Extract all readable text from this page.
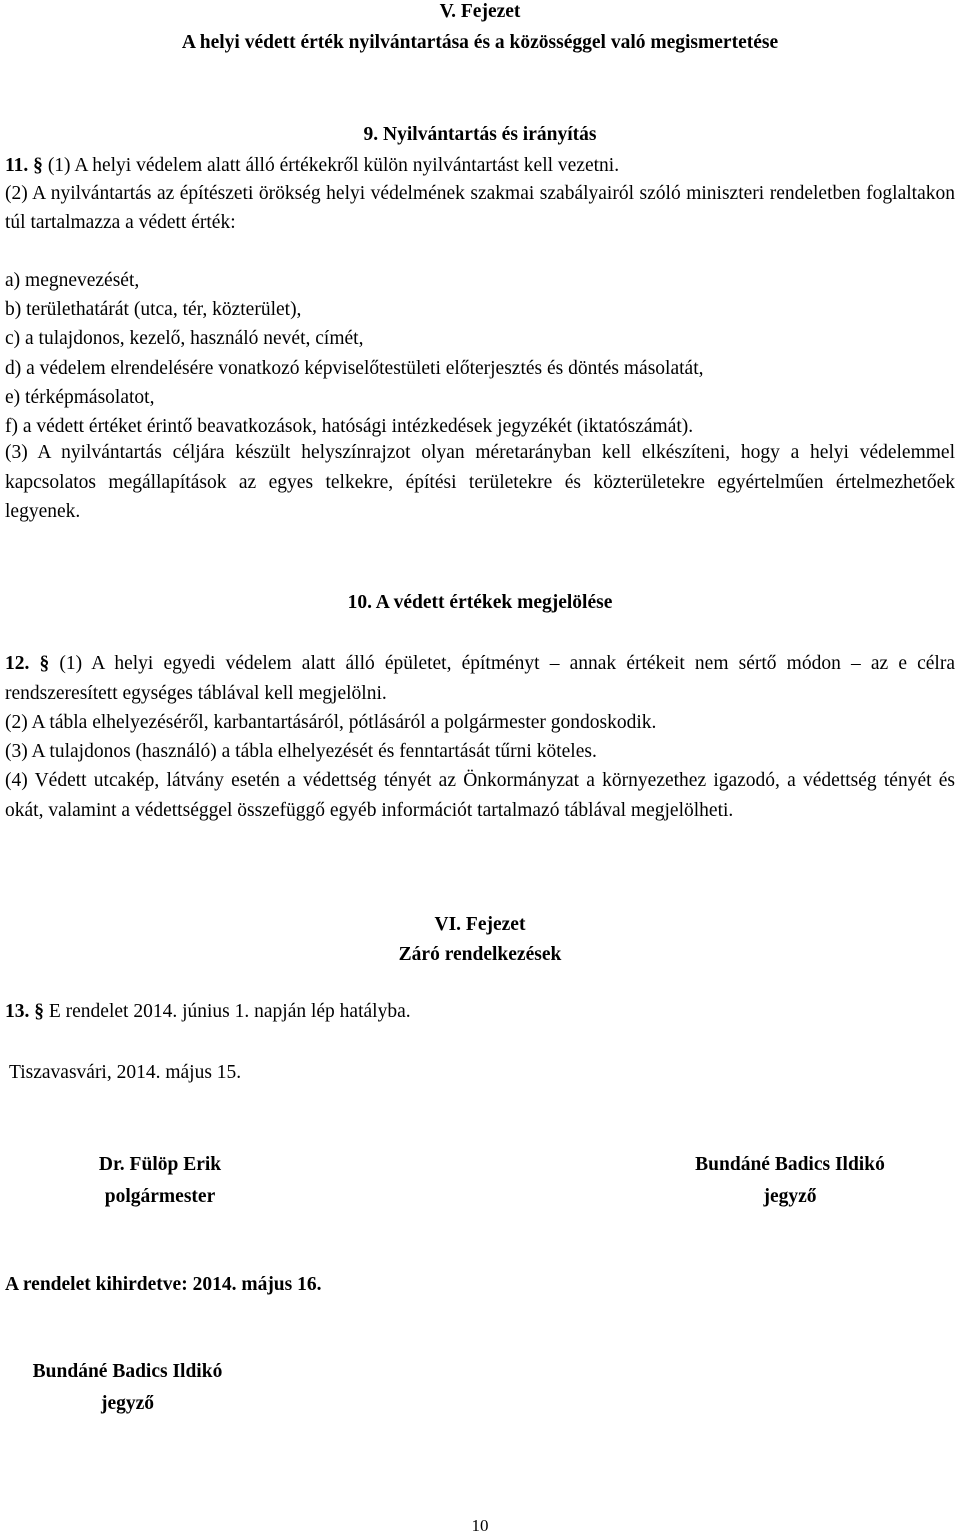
V. Fejezet
A helyi védett érték nyilvántartása és a közösséggel való megismertetése
9. Nyilvántartás és irányítás
11. § (1) A helyi védelem alatt álló értékekről külön nyilvántartást kell vezetni.
(2) A nyilvántartás az építészeti örökség helyi védelmének szakmai szabályairól szóló miniszteri rendeletben foglaltakon túl tartalmazza a védett érték:
a) megnevezését,
b) területhatárát (utca, tér, közterület),
c) a tulajdonos, kezelő, használó nevét, címét,
d) a védelem elrendelésére vonatkozó képviselőtestületi előterjesztés és döntés másolatát,
e) térképmásolatot,
f) a védett értéket érintő beavatkozások, hatósági intézkedések jegyzékét (iktatószámát).
(3) A nyilvántartás céljára készült helyszínrajzot olyan méretarányban kell elkészíteni, hogy a helyi védelemmel kapcsolatos megállapítások az egyes telkekre, építési területekre és közterületekre egyértelműen értelmezhetőek legyenek.
10. A védett értékek megjelölése
12. § (1) A helyi egyedi védelem alatt álló épületet, építményt – annak értékeit nem sértő módon – az e célra rendszeresített egységes táblával kell megjelölni.
(2) A tábla elhelyezéséről, karbantartásáról, pótlásáról a polgármester gondoskodik.
(3) A tulajdonos (használó) a tábla elhelyezését és fenntartását tűrni köteles.
(4) Védett utcakép, látvány esetén a védettség tényét az Önkormányzat a környezethez igazodó, a védettség tényét és okát, valamint a védettséggel összefüggő egyéb információt tartalmazó táblával megjelölheti.
VI. Fejezet
Záró rendelkezések
13. § E rendelet 2014. június 1. napján lép hatályba.
Tiszavasvári, 2014. május 15.
Dr. Fülöp Erik
polgármester
Bundáné Badics Ildikó
jegyző
A rendelet kihirdetve: 2014. május 16.
Bundáné Badics Ildikó
jegyző
10
